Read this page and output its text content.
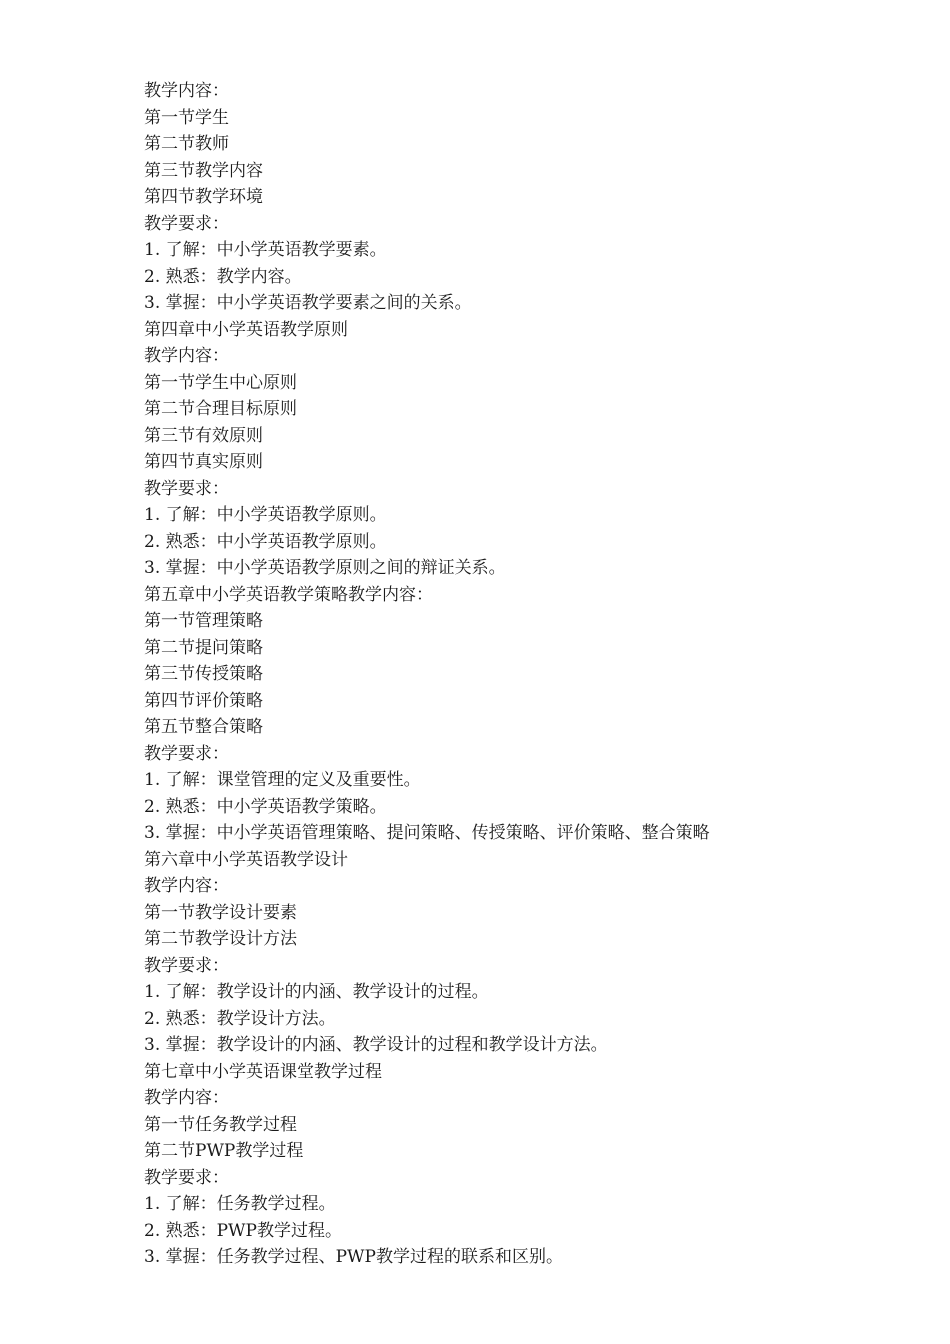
教学内容：
第一节学生
第二节教师
第三节教学内容
第四节教学环境
教学要求：
1. 了解：中小学英语教学要素。
2. 熟悉：教学内容。
3. 掌握：中小学英语教学要素之间的关系。
第四章中小学英语教学原则
教学内容：
第一节学生中心原则
第二节合理目标原则
第三节有效原则
第四节真实原则
教学要求：
1. 了解：中小学英语教学原则。
2. 熟悉：中小学英语教学原则。
3. 掌握：中小学英语教学原则之间的辩证关系。
第五章中小学英语教学策略教学内容：
第一节管理策略
第二节提问策略
第三节传授策略
第四节评价策略
第五节整合策略
教学要求：
1. 了解：课堂管理的定义及重要性。
2. 熟悉：中小学英语教学策略。
3. 掌握：中小学英语管理策略、提问策略、传授策略、评价策略、整合策略
第六章中小学英语教学设计
教学内容：
第一节教学设计要素
第二节教学设计方法
教学要求：
1. 了解：教学设计的内涵、教学设计的过程。
2. 熟悉：教学设计方法。
3. 掌握：教学设计的内涵、教学设计的过程和教学设计方法。
第七章中小学英语课堂教学过程
教学内容：
第一节任务教学过程
第二节PWP教学过程
教学要求：
1. 了解：任务教学过程。
2. 熟悉：PWP教学过程。
3. 掌握：任务教学过程、PWP教学过程的联系和区别。
